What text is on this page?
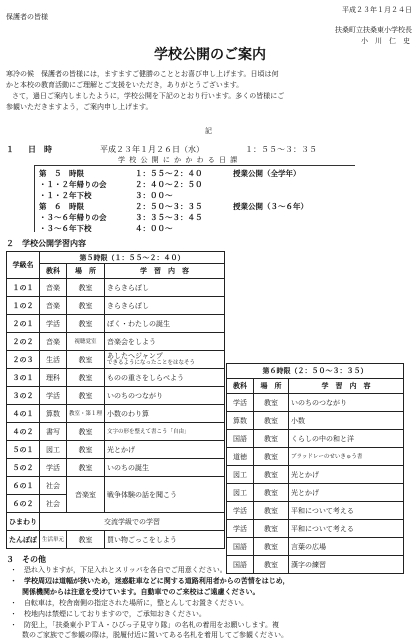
保護者の皆様
平成２３年１月２４日
扶桑町立扶桑東小学校長
小　川　仁　史
学校公開のご案内
寒冷の候　保護者の皆様には，ますますご健勝のこととお喜び申し上げます。日頃は何
かと本校の教育活動にご理解とご支援をいただき，ありがとうございます。
さて，過日ご案内しましたように，学校公開を下記のとおり行います。多くの皆様にご
参観いただきますよう，ご案内申し上げます。
記
１ 日　時	平成２３年１月２６日（水）	１：５５～３：３５
学 校 公 開 に か か わ る 日 課
第　５　時限	１：５５～２：４０	授業公開（全学年）
・１・２年帰りの会	２：４０～２：５０
・１・２年下校	３：００～
第　６　時限	２：５０～３：３５	授業公開（３～６年）
・３～６年帰りの会	３：３５～３：４５
・３～６年下校	４：００～
２　学校公開学習内容
学級名	第５時限（１：５５～２：４０）		
	教科	場　所	学　習　内　容
１の１	音楽	教室	きらきらぼし
１の２	音楽	教室	きらきらぼし
２の１	学活	教室	ぼく・わたしの誕生
２の２	音楽	視聴覚室	音楽会をしよう
２の３	生活	教室	あしたへジャンプ
できるようになったことをはなそう

３の１	理科	教室	ものの重さをしらべよう
３の２	学活	教室	いのちのつながり
４の１	算数	教室・第１理	小数のわり算
４の２	書写	教室	文字の形を整えて書こう「自由」
５の１	図工	教室	光とかげ
５の２	学活	教室	いのちの誕生
６の１	社会	音楽室	戦争体験の話を聞こう
６の２	社会		
ひまわり	交流学級での学習		
たんぽぽ	生活単元	教室	買い物ごっこをしよう
第６時限（２：５０～３：３５）		
教科	場　所	学　習　内　容
学活	教室	いのちのつながり
算数	教室	小数
国語	教室	くらしの中の和と洋
道徳	教室	ブラッドレーのせいきゅう書
図工	教室	光とかげ
図工	教室	光とかげ
学活	教室	平和について考える
学活	教室	平和について考える
国語	教室	言葉の広場
国語	教室	漢字の練習
３　その他
・　恐れ入りますが，下足入れとスリッパを各自でご用意ください。
・　学校周辺は道幅が狭いため，迷惑駐車などに関する道路利用者からの苦情をはじめ，
関係機関からは注意を受けています。自動車でのご来校はご遠慮ください。
・　自転車は，校舎南側の指定された場所に，整とんしてお置きください。
・　校地内は禁煙にしておりますので，ご承知おきください。
・　防犯上，「扶桑東小ＰＴＡ・ひびっ子見守り隊」の名札の着用をお願いします。複
数のご家族でご参観の際は，脱履付近に置いてある名札を着用してご参観ください。
